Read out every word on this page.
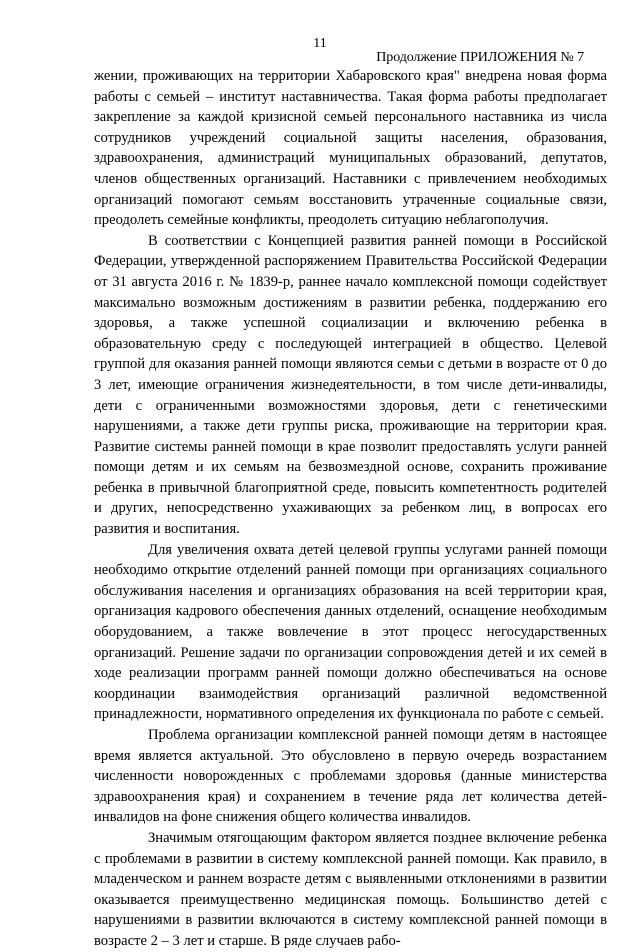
11
Продолжение ПРИЛОЖЕНИЯ № 7

жении, проживающих на территории Хабаровского края" внедрена новая форма работы с семьей – институт наставничества. Такая форма работы предполагает закрепление за каждой кризисной семьей персонального наставника из числа сотрудников учреждений социальной защиты населения, образования, здравоохранения, администраций муниципальных образований, депутатов, членов общественных организаций. Наставники с привлечением необходимых организаций помогают семьям восстановить утраченные социальные связи, преодолеть семейные конфликты, преодолеть ситуацию неблагополучия.

В соответствии с Концепцией развития ранней помощи в Российской Федерации, утвержденной распоряжением Правительства Российской Федерации от 31 августа 2016 г. № 1839-р, раннее начало комплексной помощи содействует максимально возможным достижениям в развитии ребенка, поддержанию его здоровья, а также успешной социализации и включению ребенка в образовательную среду с последующей интеграцией в общество. Целевой группой для оказания ранней помощи являются семьи с детьми в возрасте от 0 до 3 лет, имеющие ограничения жизнедеятельности, в том числе дети-инвалиды, дети с ограниченными возможностями здоровья, дети с генетическими нарушениями, а также дети группы риска, проживающие на территории края. Развитие системы ранней помощи в крае позволит предоставлять услуги ранней помощи детям и их семьям на безвозмездной основе, сохранить проживание ребенка в привычной благоприятной среде, повысить компетентность родителей и других, непосредственно ухаживающих за ребенком лиц, в вопросах его развития и воспитания.

Для увеличения охвата детей целевой группы услугами ранней помощи необходимо открытие отделений ранней помощи при организациях социального обслуживания населения и организациях образования на всей территории края, организация кадрового обеспечения данных отделений, оснащение необходимым оборудованием, а также вовлечение в этот процесс негосударственных организаций. Решение задачи по организации сопровождения детей и их семей в ходе реализации программ ранней помощи должно обеспечиваться на основе координации взаимодействия организаций различной ведомственной принадлежности, нормативного определения их функционала по работе с семьей.

Проблема организации комплексной ранней помощи детям в настоящее время является актуальной. Это обусловлено в первую очередь возрастанием численности новорожденных с проблемами здоровья (данные министерства здравоохранения края) и сохранением в течение ряда лет количества детей-инвалидов на фоне снижения общего количества инвалидов.

Значимым отягощающим фактором является позднее включение ребенка с проблемами в развитии в систему комплексной ранней помощи. Как правило, в младенческом и раннем возрасте детям с выявленными отклонениями в развитии оказывается преимущественно медицинская помощь. Большинство детей с нарушениями в развитии включаются в систему комплексной ранней помощи в возрасте 2 – 3 лет и старше. В ряде случаев рабо-
